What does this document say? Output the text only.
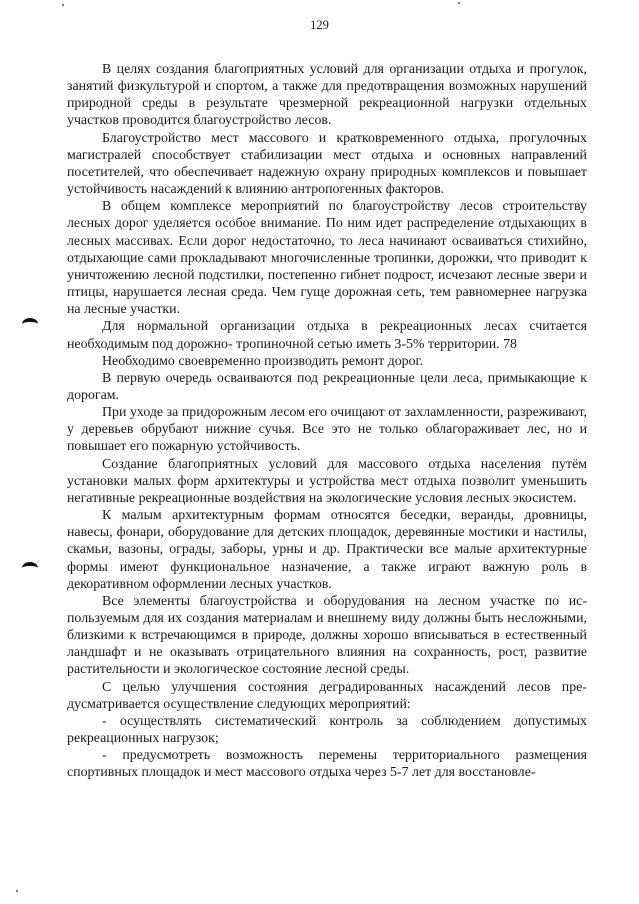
129

В целях создания благоприятных условий для организации отдыха и прогулок, занятий физкультурой и спортом, а также для предотвращения возможных нарушений природной среды в результате чрезмерной рекреационной нагрузки отдельных участков проводится благоустройство лесов.

Благоустройство мест массового и кратковременного отдыха, прогулочных магистралей способствует стабилизации мест отдыха и основных направлений посетителей, что обеспечивает надежную охрану природных комплексов и повышает устойчивость насаждений к влиянию антропогенных факторов.

В общем комплексе мероприятий по благоустройству лесов строительству лесных дорог уделяется особое внимание. По ним идет распределение отдыхающих в лесных массивах. Если дорог недостаточно, то леса начинают осваиваться стихийно, отдыхающие сами прокладывают многочисленные тропинки, дорожки, что приводит к уничтожению лесной подстилки, постепенно гибнет подрост, исчезают лесные звери и птицы, нарушается лесная среда. Чем гуще дорожная сеть, тем равномернее нагрузка на лесные участки.

Для нормальной организации отдыха в рекреационных лесах считается необходимым под дорожно- тропиночной сетью иметь 3-5% территории. 78

Необходимо своевременно производить ремонт дорог.

В первую очередь осваиваются под рекреационные цели леса, примыкающие к дорогам.

При уходе за придорожным лесом его очищают от захламленности, разреживают, у деревьев обрубают нижние сучья. Все это не только облагораживает лес, но и повышает его пожарную устойчивость.

Создание благоприятных условий для массового отдыха населения путём установки малых форм архитектуры и устройства мест отдыха позволит уменьшить негативные рекреационные воздействия на экологические условия лесных экосистем.

К малым архитектурным формам относятся беседки, веранды, дровницы, навесы, фонари, оборудование для детских площадок, деревянные мостики и настилы, скамьи, вазоны, ограды, заборы, урны и др. Практически все малые архитектурные формы имеют функциональное назначение, а также играют важную роль в декоративном оформлении лесных участков.

Все элементы благоустройства и оборудования на лесном участке по используемым для их создания материалам и внешнему виду должны быть несложными, близкими к встречающимся в природе, должны хорошо вписываться в естественный ландшафт и не оказывать отрицательного влияния на сохранность, рост, развитие растительности и экологическое состояние лесной среды.

С целью улучшения состояния деградированных насаждений лесов предусматривается осуществление следующих мероприятий:

- осуществлять систематический контроль за соблюдением допустимых рекреационных нагрузок;

- предусмотреть возможность перемены территориального размещения спортивных площадок и мест массового отдыха через 5-7 лет для восстановле-
